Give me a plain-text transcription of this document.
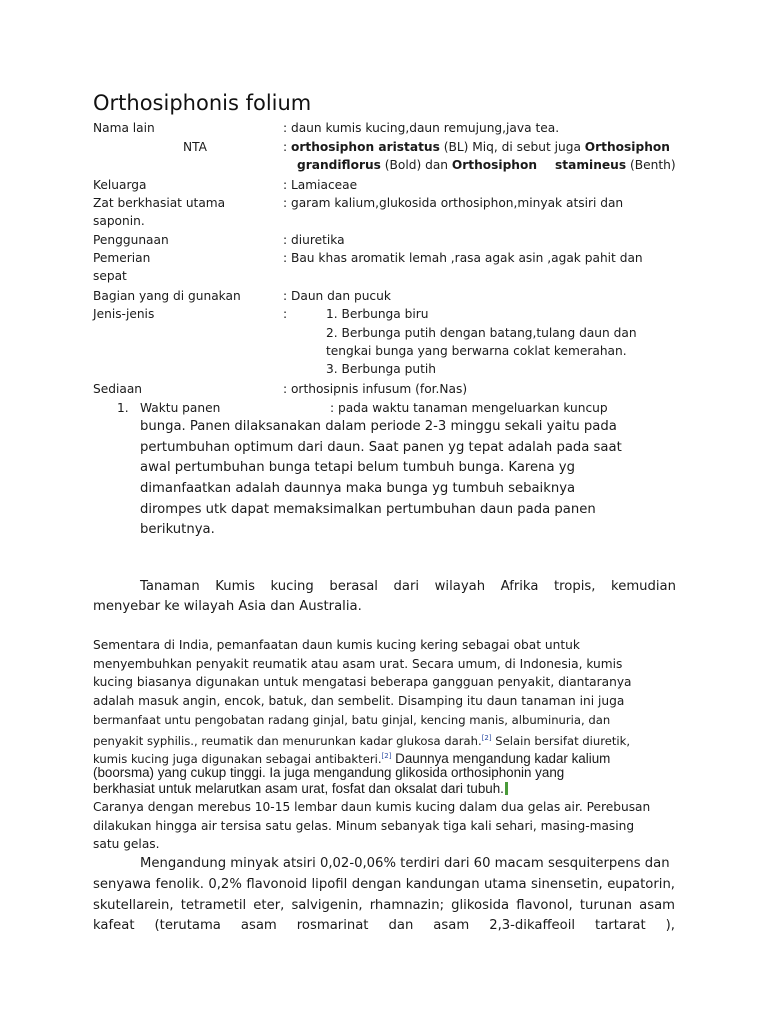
Orthosiphonis folium
Nama lain	: daun kumis kucing,daun remujung,java tea.
NTA	: orthosiphon aristatus (BL) Miq, di sebut juga Orthosiphon
grandiflorus (Bold) dan Orthosiphon stamineus (Benth)
Keluarga	: Lamiaceae
Zat berkhasiat utama	: garam kalium,glukosida orthosiphon,minyak atsiri dan
saponin.
Penggunaan	: diuretika
Pemerian	: Bau khas aromatik lemah ,rasa agak asin ,agak pahit dan
sepat
Bagian yang di gunakan	: Daun dan pucuk
Jenis-jenis	:	1. Berbunga biru
2. Berbunga putih dengan batang,tulang daun dan
tengkai bunga yang berwarna coklat kemerahan.
3. Berbunga putih
Sediaan	: orthosipnis infusum (for.Nas)
1. Waktu panen	: pada waktu tanaman mengeluarkan kuncup
bunga. Panen dilaksanakan dalam periode 2-3 minggu sekali yaitu pada
pertumbuhan optimum dari daun. Saat panen yg tepat adalah pada saat
awal pertumbuhan bunga tetapi belum tumbuh bunga. Karena yg
dimanfaatkan adalah daunnya maka bunga yg tumbuh sebaiknya
dirompes utk dapat memaksimalkan pertumbuhan daun pada panen
berikutnya.
Tanaman Kumis kucing berasal dari wilayah Afrika tropis, kemudian
menyebar ke wilayah Asia dan Australia.
Sementara di India, pemanfaatan daun kumis kucing kering sebagai obat untuk
menyembuhkan penyakit reumatik atau asam urat. Secara umum, di Indonesia, kumis
kucing biasanya digunakan untuk mengatasi beberapa gangguan penyakit, diantaranya
adalah masuk angin, encok, batuk, dan sembelit. Disamping itu daun tanaman ini juga
bermanfaat untu pengobatan radang ginjal, batu ginjal, kencing manis, albuminuria, dan
penyakit syphilis., reumatik dan menurunkan kadar glukosa darah.[2] Selain bersifat diuretik,
kumis kucing juga digunakan sebagai antibakteri.[2] Daunnya mengandung kadar kalium
(boorsma) yang cukup tinggi. Ia juga mengandung glikosida orthosiphonin yang
berkhasiat untuk melarutkan asam urat, fosfat dan oksalat dari tubuh.
Caranya dengan merebus 10-15 lembar daun kumis kucing dalam dua gelas air. Perebusan
dilakukan hingga air tersisa satu gelas. Minum sebanyak tiga kali sehari, masing-masing
satu gelas.
Mengandung minyak atsiri 0,02-0,06% terdiri dari 60 macam sesquiterpens dan
senyawa fenolik. 0,2% flavonoid lipofil dengan kandungan utama sinensetin, eupatorin,
skutellarein, tetrametil eter, salvigenin, rhamnazin; glikosida flavonol, turunan asam
kafeat (terutama asam rosmarinat dan asam 2,3-dikaffeoil tartarat ),
